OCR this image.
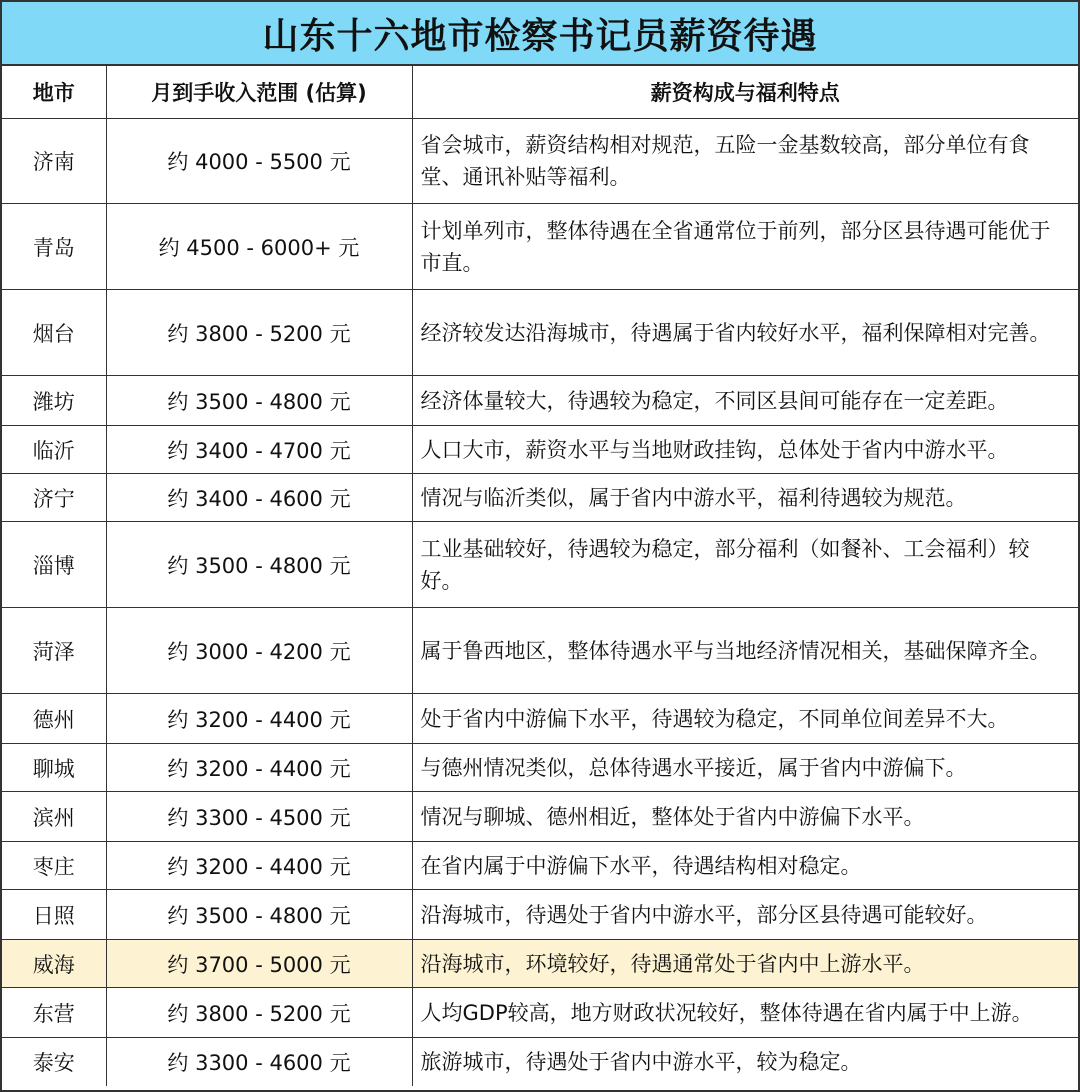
山东十六地市检察书记员薪资待遇
地市	月到手收入范围 (估算)	薪资构成与福利特点
济南	约 4000 - 5500 元	省会城市，薪资结构相对规范，五险一金基数较高，部分单位有食堂、通讯补贴等福利。
青岛	约 4500 - 6000+ 元	计划单列市，整体待遇在全省通常位于前列，部分区县待遇可能优于市直。
烟台	约 3800 - 5200 元	经济较发达沿海城市，待遇属于省内较好水平，福利保障相对完善。
潍坊	约 3500 - 4800 元	经济体量较大，待遇较为稳定，不同区县间可能存在一定差距。
临沂	约 3400 - 4700 元	人口大市，薪资水平与当地财政挂钩，总体处于省内中游水平。
济宁	约 3400 - 4600 元	情况与临沂类似，属于省内中游水平，福利待遇较为规范。
淄博	约 3500 - 4800 元	工业基础较好，待遇较为稳定，部分福利（如餐补、工会福利）较好。
菏泽	约 3000 - 4200 元	属于鲁西地区，整体待遇水平与当地经济情况相关，基础保障齐全。
德州	约 3200 - 4400 元	处于省内中游偏下水平，待遇较为稳定，不同单位间差异不大。
聊城	约 3200 - 4400 元	与德州情况类似，总体待遇水平接近，属于省内中游偏下。
滨州	约 3300 - 4500 元	情况与聊城、德州相近，整体处于省内中游偏下水平。
枣庄	约 3200 - 4400 元	在省内属于中游偏下水平，待遇结构相对稳定。
日照	约 3500 - 4800 元	沿海城市，待遇处于省内中游水平，部分区县待遇可能较好。
威海	约 3700 - 5000 元	沿海城市，环境较好，待遇通常处于省内中上游水平。
东营	约 3800 - 5200 元	人均GDP较高，地方财政状况较好，整体待遇在省内属于中上游。
泰安	约 3300 - 4600 元	旅游城市，待遇处于省内中游水平，较为稳定。
